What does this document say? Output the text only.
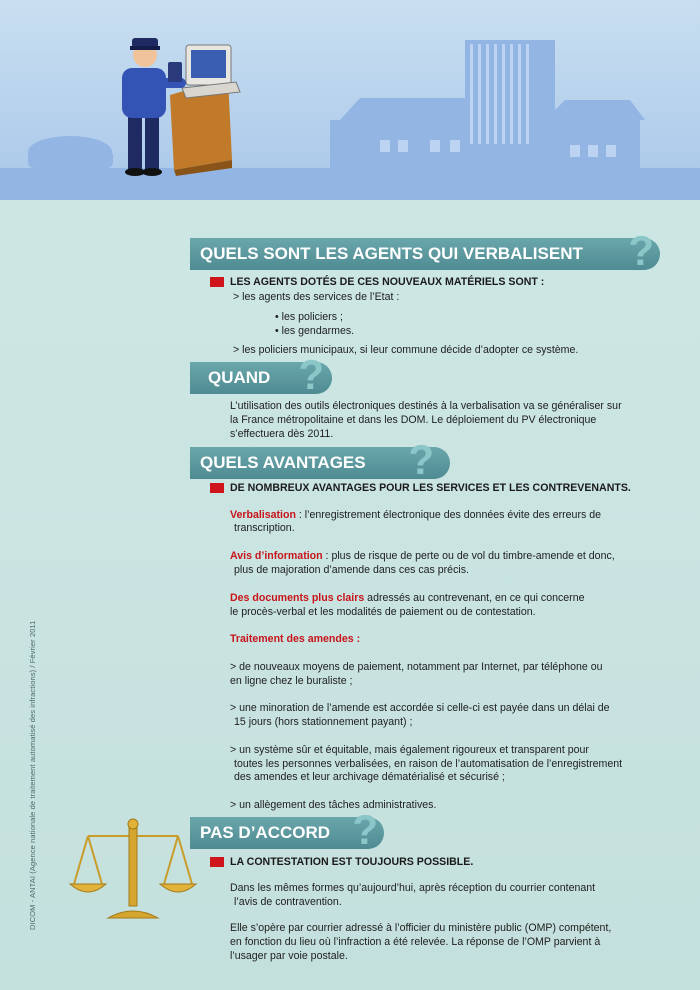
DICOM - ANTAI (Agence nationale de traitement automatisé des infractions) / Février 2011
QUELS SONT LES AGENTS QUI VERBALISENT ?
LES AGENTS DOTÉS DE CES NOUVEAUX MATÉRIELS SONT :
> les agents des services de l’Etat :
• les policiers ;
• les gendarmes.
> les policiers municipaux, si leur commune décide d’adopter ce système.
QUAND ?
L’utilisation des outils électroniques destinés à la verbalisation va se généraliser sur
la France métropolitaine et dans les DOM. Le déploiement du PV électronique
s’effectuera dès 2011.
QUELS AVANTAGES ?
DE NOMBREUX AVANTAGES POUR LES SERVICES ET LES CONTREVENANTS.
Verbalisation : l’enregistrement électronique des données évite des erreurs de
transcription.
Avis d’information : plus de risque de perte ou de vol du timbre-amende et donc,
plus de majoration d’amende dans ces cas précis.
Des documents plus clairs adressés au contrevenant, en ce qui concerne
le procès-verbal et les modalités de paiement ou de contestation.
Traitement des amendes :
> de nouveaux moyens de paiement, notamment par Internet, par téléphone ou
en ligne chez le buraliste ;
> une minoration de l’amende est accordée si celle-ci est payée dans un délai de
15 jours (hors stationnement payant) ;
> un système sûr et équitable, mais également rigoureux et transparent pour
toutes les personnes verbalisées, en raison de l’automatisation de l’enregistrement
des amendes et leur archivage dématérialisé et sécurisé ;
> un allègement des tâches administratives.
PAS D’ACCORD ?
LA CONTESTATION EST TOUJOURS POSSIBLE.
Dans les mêmes formes qu’aujourd’hui, après réception du courrier contenant
l’avis de contravention.
Elle s’opère par courrier adressé à l’officier du ministère public (OMP) compétent,
en fonction du lieu où l’infraction a été relevée. La réponse de l’OMP parvient à
l’usager par voie postale.
